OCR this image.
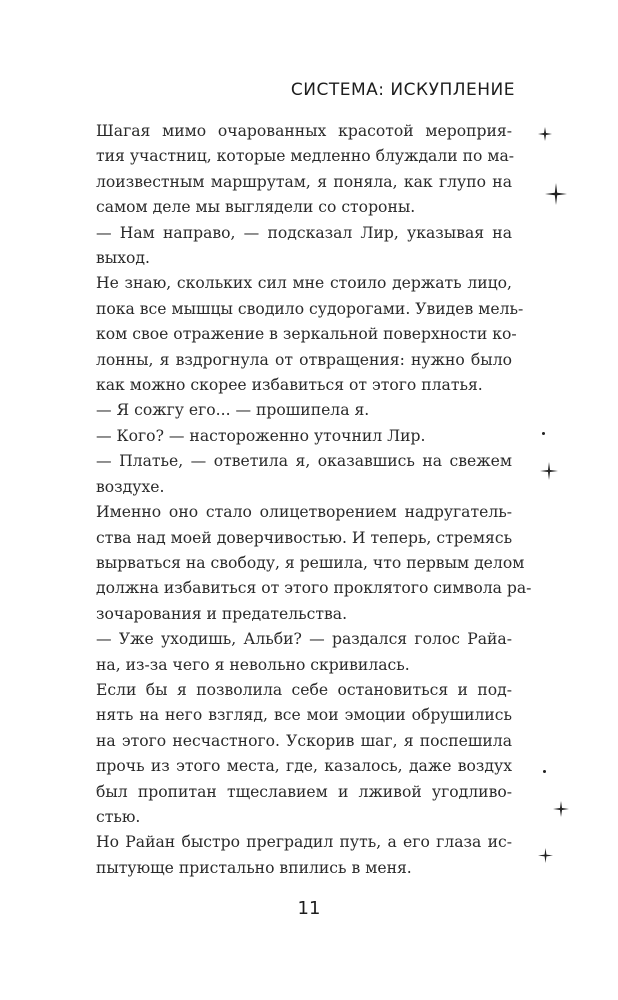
СИСТЕМА: ИСКУПЛЕНИЕ
Шагая мимо очарованных красотой мероприя-
тия участниц, которые медленно блуждали по ма-
лоизвестным маршрутам, я поняла, как глупо на
самом деле мы выглядели со стороны.
— Нам направо, — подсказал Лир, указывая на
выход.
Не знаю, скольких сил мне стоило держать лицо,
пока все мышцы сводило судорогами. Увидев мель-
ком свое отражение в зеркальной поверхности ко-
лонны, я вздрогнула от отвращения: нужно было
как можно скорее избавиться от этого платья.
— Я сожгу его... — прошипела я.
— Кого? — настороженно уточнил Лир.
— Платье, — ответила я, оказавшись на свежем
воздухе.
Именно оно стало олицетворением надругатель-
ства над моей доверчивостью. И теперь, стремясь
вырваться на свободу, я решила, что первым делом
должна избавиться от этого проклятого символа ра-
зочарования и предательства.
— Уже уходишь, Альби? — раздался голос Райа-
на, из-за чего я невольно скривилась.
Если бы я позволила себе остановиться и под-
нять на него взгляд, все мои эмоции обрушились
на этого несчастного. Ускорив шаг, я поспешила
прочь из этого места, где, казалось, даже воздух
был пропитан тщеславием и лживой угодливо-
стью.
Но Райан быстро преградил путь, а его глаза ис-
пытующе пристально впились в меня.
11
